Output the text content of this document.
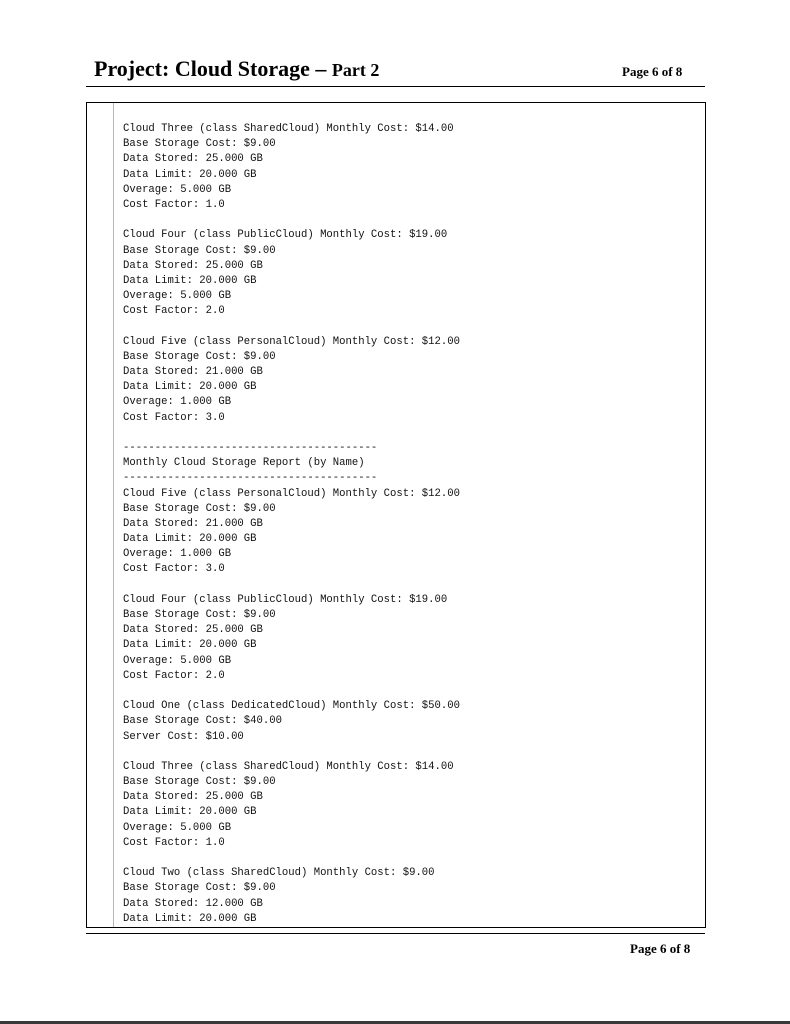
Project: Cloud Storage – Part 2	Page 6 of 8
Cloud Three (class SharedCloud) Monthly Cost: $14.00
Base Storage Cost: $9.00
Data Stored: 25.000 GB
Data Limit: 20.000 GB
Overage: 5.000 GB
Cost Factor: 1.0
Cloud Four (class PublicCloud) Monthly Cost: $19.00
Base Storage Cost: $9.00
Data Stored: 25.000 GB
Data Limit: 20.000 GB
Overage: 5.000 GB
Cost Factor: 2.0
Cloud Five (class PersonalCloud) Monthly Cost: $12.00
Base Storage Cost: $9.00
Data Stored: 21.000 GB
Data Limit: 20.000 GB
Overage: 1.000 GB
Cost Factor: 3.0
----------------------------------------
Monthly Cloud Storage Report (by Name)
----------------------------------------
Cloud Five (class PersonalCloud) Monthly Cost: $12.00
Base Storage Cost: $9.00
Data Stored: 21.000 GB
Data Limit: 20.000 GB
Overage: 1.000 GB
Cost Factor: 3.0
Cloud Four (class PublicCloud) Monthly Cost: $19.00
Base Storage Cost: $9.00
Data Stored: 25.000 GB
Data Limit: 20.000 GB
Overage: 5.000 GB
Cost Factor: 2.0
Cloud One (class DedicatedCloud) Monthly Cost: $50.00
Base Storage Cost: $40.00
Server Cost: $10.00
Cloud Three (class SharedCloud) Monthly Cost: $14.00
Base Storage Cost: $9.00
Data Stored: 25.000 GB
Data Limit: 20.000 GB
Overage: 5.000 GB
Cost Factor: 1.0
Cloud Two (class SharedCloud) Monthly Cost: $9.00
Base Storage Cost: $9.00
Data Stored: 12.000 GB
Data Limit: 20.000 GB
Page 6 of 8
